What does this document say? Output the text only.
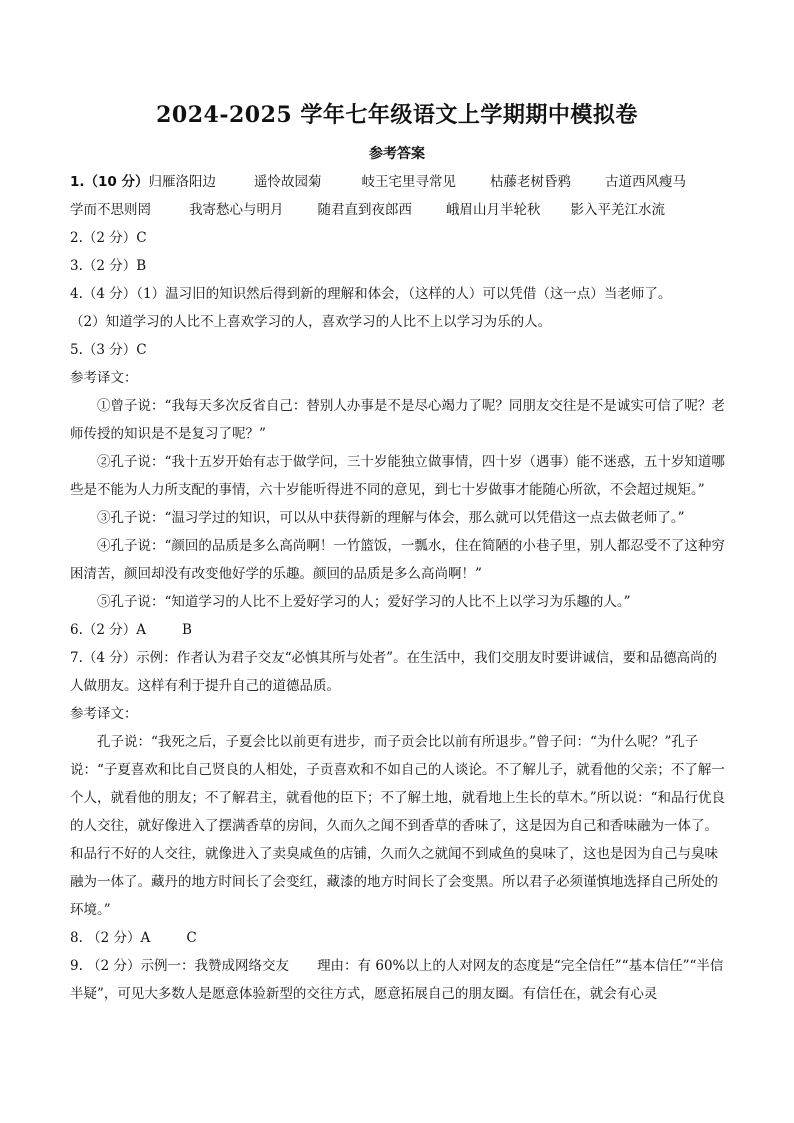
2024-2025 学年七年级语文上学期期中模拟卷
参考答案
1.（10 分）归雁洛阳边	遥怜故园菊	岐王宅里寻常见	枯藤老树昏鸦	古道西风瘦马
学而不思则罔	我寄愁心与明月	随君直到夜郎西	峨眉山月半轮秋 影入平羌江水流
2.（2 分）C
3.（2 分）B
4.（4 分）（1）温习旧的知识然后得到新的理解和体会，（这样的人）可以凭借（这一点）当老师了。
（2）知道学习的人比不上喜欢学习的人，喜欢学习的人比不上以学习为乐的人。
5.（3 分）C
参考译文：
①曾子说：“我每天多次反省自己：替别人办事是不是尽心竭力了呢？同朋友交往是不是诚实可信了呢？老师传授的知识是不是复习了呢？”
②孔子说：“我十五岁开始有志于做学问，三十岁能独立做事情，四十岁（遇事）能不迷惑，五十岁知道哪些是不能为人力所支配的事情，六十岁能听得进不同的意见，到七十岁做事才能随心所欲，不会超过规矩。”
③孔子说：“温习学过的知识，可以从中获得新的理解与体会，那么就可以凭借这一点去做老师了。”
④孔子说：“颜回的品质是多么高尚啊！一竹篮饭，一瓢水，住在简陋的小巷子里，别人都忍受不了这种穷困清苦，颜回却没有改变他好学的乐趣。颜回的品质是多么高尚啊！”
⑤孔子说：“知道学习的人比不上爱好学习的人；爱好学习的人比不上以学习为乐趣的人。”
6.（2 分）A	B
7.（4 分）示例：作者认为君子交友“必慎其所与处者”。在生活中，我们交朋友时要讲诚信，要和品德高尚的人做朋友。这样有利于提升自己的道德品质。
参考译文：
孔子说：“我死之后，子夏会比以前更有进步，而子贡会比以前有所退步。”曾子问：“为什么呢？”孔子说：“子夏喜欢和比自己贤良的人相处，子贡喜欢和不如自己的人谈论。不了解儿子，就看他的父亲；不了解一个人，就看他的朋友；不了解君主，就看他的臣下；不了解土地，就看地上生长的草木。”所以说：“和品行优良的人交往，就好像进入了摆满香草的房间，久而久之闻不到香草的香味了，这是因为自己和香味融为一体了。和品行不好的人交往，就像进入了卖臭咸鱼的店铺，久而久之就闻不到咸鱼的臭味了，这也是因为自己与臭味融为一体了。藏丹的地方时间长了会变红，藏漆的地方时间长了会变黑。所以君子必须谨慎地选择自己所处的环境。”
8. （2 分）A	C
9. （2 分）示例一：我赞成网络交友 理由：有 60%以上的人对网友的态度是“完全信任”“基本信任”“半信半疑”，可见大多数人是愿意体验新型的交往方式，愿意拓展自己的朋友圈。有信任在，就会有心灵
